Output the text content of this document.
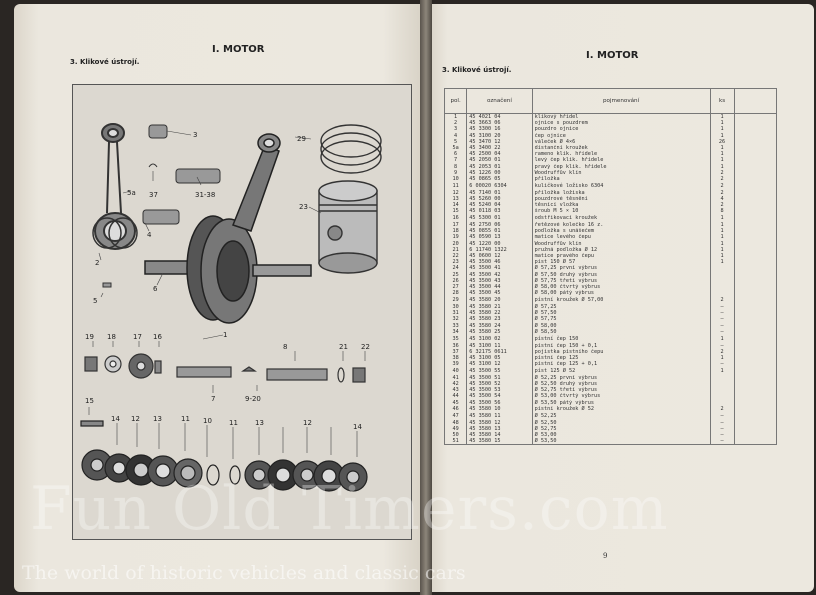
I. MOTOR
3. Klikové ústrojí.
3	29
5a 37	31-38
4
2
23
5
6
1
19 18 17 16
8	21 22
7	9-20
15
14 12 13	11 10 11 13	12	14
I. MOTOR
3. Klikové ústrojí.
pol.	označení	pojmenování	ks	
1	45 4021 04	klikový hřídel	1	
2	45 3663 06	ojnice s pouzdrem	1	
3	45 3300 16	pouzdro ojnice	1	
4	45 3100 20	čep ojnice	1	
5	45 3470 12	váleček Ø 4×6	26	
5a	45 3400 22	distanční kroužek	1	
6	45 2500 04	rameno klik. hřídele	1	
7	45 2050 01	levý čep klik. hřídele	1	
8	45 2053 01	pravý čep klik. hřídele	1	
9	45 1226 00	Woodruffův klín	2	
10	45 0865 05	příložka	2	
11	6 00020 6304	kuličkové ložisko 6304	2	
12	45 7140 01	příložka ložiska	2	
13	45 5260 00	pouzdrové těsnění	4	
14	45 5240 04	těsnící vložka	2	
15	45 0118 03	šroub M 5 × 10	8	
16	45 5300 01	odstřikovací kroužek	1	
17	45 2750 06	řetězové kolečko 16 z.	1	
18	45 0855 01	podložka s unášečem	1	
19	45 0590 13	matice levého čepu	1	
20	45 1220 00	Woodruffův klín	1	
21	6 11740 1322	pružná podložka Ø 12	1	
22	45 0600 12	matice pravého čepu	1	
23	45 3500 46	píst 150 Ø 57	1	
24	45 3500 41	Ø 57,25 první výbrus		
25	45 3500 42	Ø 57,50 druhý výbrus		
26	45 3500 43	Ø 57,75 třetí výbrus		
27	45 3500 44	Ø 58,00 čtvrtý výbrus		
28	45 3500 45	Ø 58,00 pátý výbrus		
29	45 3580 20	pístní kroužek Ø 57,00	2	
30	45 3580 21	Ø 57,25	—	
31	45 3580 22	Ø 57,50	—	
32	45 3580 23	Ø 57,75	—	
33	45 3580 24	Ø 58,00	—	
34	45 3580 25	Ø 58,50	—	
35	45 3100 02	pístní čep 150	1	
36	45 3100 11	pístní čep 150 + 0,1	—	
37	6 32175 0611	pojistka pístního čepu	2	
38	45 3100 05	pístní čep 125	1	
39	45 3100 12	pístní čep 125 + 0,1	—	
40	45 3500 55	píst 125 Ø 52	1	
41	45 3500 51	Ø 52,25 první výbrus		
42	45 3500 52	Ø 52,50 druhý výbrus		
43	45 3500 53	Ø 52,75 třetí výbrus		
44	45 3500 54	Ø 53,00 čtvrtý výbrus		
45	45 3500 56	Ø 53,50 pátý výbrus		
46	45 3580 10	pístní kroužek Ø 52	2	
47	45 3580 11	Ø 52,25	—	
48	45 3580 12	Ø 52,50	—	
49	45 3580 13	Ø 52,75	—	
50	45 3580 14	Ø 53,00	—	
51	45 3580 15	Ø 53,50	—	
9
Fun Old Timers.com
The world of historic vehicles and classic cars
